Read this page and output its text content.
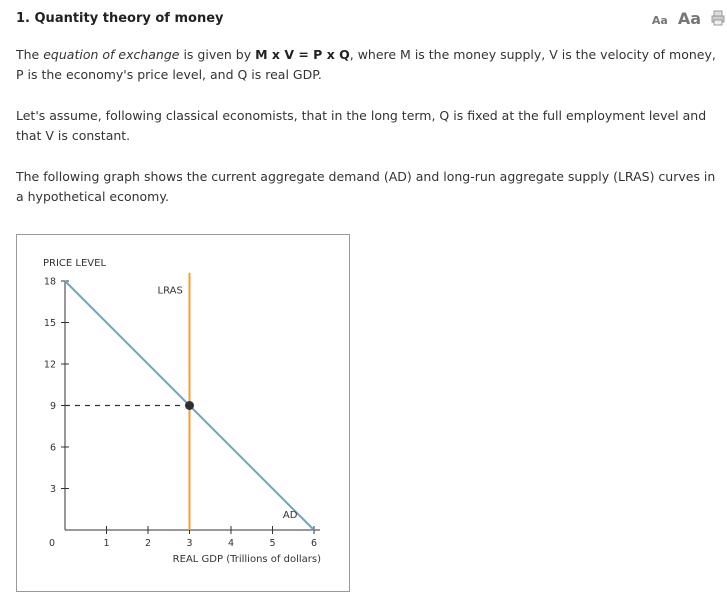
1. Quantity theory of money	Aa Aa
The equation of exchange is given by M x V = P x Q, where M is the money supply, V is the velocity of money, P is the economy's price level, and Q is real GDP.
Let's assume, following classical economists, that in the long term, Q is fixed at the full employment level and that V is constant.
The following graph shows the current aggregate demand (AD) and long-run aggregate supply (LRAS) curves in a hypothetical economy.
18
15
12
9
6
3
0	1	2	3	4	5	6
PRICE LEVEL
REAL GDP (Trillions of dollars)
LRAS
AD
